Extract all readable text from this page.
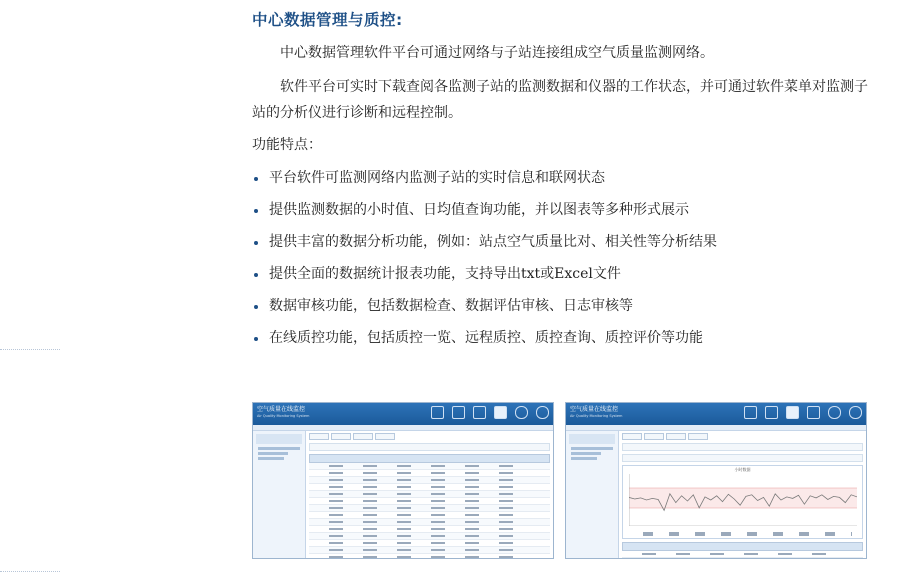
中心数据管理与质控:

中心数据管理软件平台可通过网络与子站连接组成空气质量监测网络。

软件平台可实时下载查阅各监测子站的监测数据和仪器的工作状态，并可通过软件菜单对监测子站的分析仪进行诊断和远程控制。

功能特点：
平台软件可监测网络内监测子站的实时信息和联网状态
提供监测数据的小时值、日均值查询功能，并以图表等多种形式展示
提供丰富的数据分析功能，例如：站点空气质量比对、相关性等分析结果
提供全面的数据统计报表功能，支持导出txt或Excel文件
数据审核功能，包括数据检查、数据评估审核、日志审核等
在线质控功能，包括质控一览、远程质控、质控查询、质控评价等功能
空气质量在线监控
Air Quality Monitoring System
空气质量在线监控
Air Quality Monitoring System
小时数据
